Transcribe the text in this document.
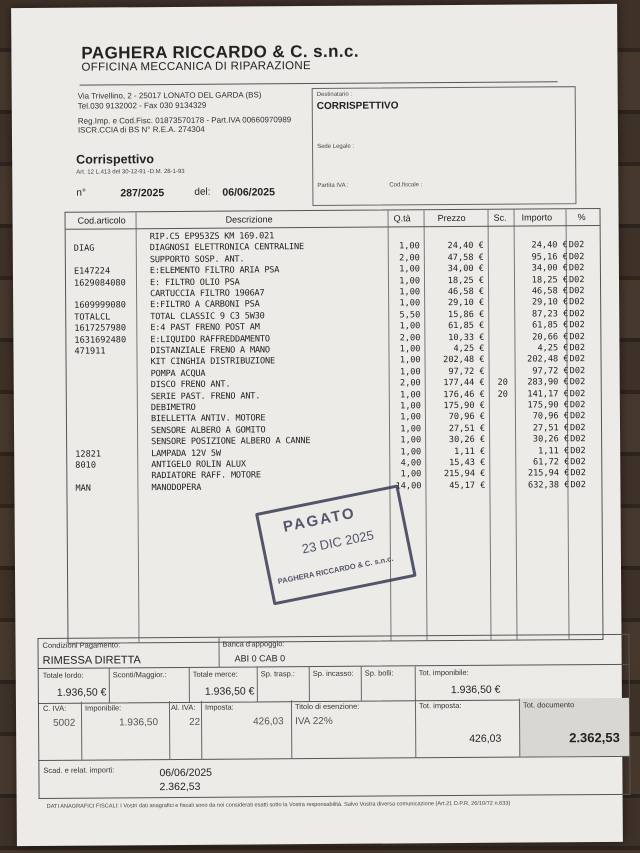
PAGHERA RICCARDO & C. s.n.c.
OFFICINA MECCANICA DI RIPARAZIONE
Via Trivellino, 2 - 25017 LONATO DEL GARDA (BS)
Tel.030 9132002 - Fax 030 9134329
Reg.Imp. e Cod.Fisc. 01873570178 - Part.IVA 00660970989
ISCR.CCIA di BS N° R.E.A. 274304
Corrispettivo
Art. 12 L.413 del 30-12-91 -D.M. 28-1-93
n°	287/2025	del: 06/06/2025
Destinatario :
CORRISPETTIVO
Sede Legale :
Partita IVA :	Cod.fiscale :
Cod.articolo	Descrizione	Q.tà	Prezzo	Sc. Importo	%
RIP.C5 EP953ZS KM 169.021
DIAG	DIAGNOSI ELETTRONICA CENTRALINE	1,00	24,40 €	24,40 € D02
SUPPORTO SOSP. ANT.	2,00	47,58 €	95,16 € D02
E147224	E:ELEMENTO FILTRO ARIA PSA	1,00	34,00 €	34,00 € D02
1629084080	E: FILTRO OLIO PSA	1,00	18,25 €	18,25 € D02
CARTUCCIA FILTRO 1906A7	1,00	46,58 €	46,58 € D02
1609999080	E:FILTRO A CARBONI PSA	1,00	29,10 €	29,10 € D02
TOTALCL	TOTAL CLASSIC 9 C3 5W30	5,50	15,86 €	87,23 € D02
1617257980	E:4 PAST FRENO POST AM	1,00	61,85 €	61,85 € D02
1631692480	E:LIQUIDO RAFFREDDAMENTO	2,00	10,33 €	20,66 € D02
471911	DISTANZIALE FRENO A MANO	1,00	4,25 €	4,25 € D02
KIT CINGHIA DISTRIBUZIONE	1,00	202,48 €	202,48 € D02
POMPA ACQUA	1,00	97,72 €	97,72 € D02
DISCO FRENO ANT.	2,00	177,44 €	20	283,90 € D02
SERIE PAST. FRENO ANT.	1,00	176,46 €	20	141,17 € D02
DEBIMETRO	1,00	175,90 €	175,90 € D02
BIELLETTA ANTIV. MOTORE	1,00	70,96 €	70,96 € D02
SENSORE ALBERO A GOMITO	1,00	27,51 €	27,51 € D02
SENSORE POSIZIONE ALBERO A CANNE	1,00	30,26 €	30,26 € D02
12821	LAMPADA 12V 5W	1,00	1,11 €	1,11 € D02
8010	ANTIGELO ROLIN ALUX	4,00	15,43 €	61,72 € D02
RADIATORE RAFF. MOTORE	1,00	215,94 €	215,94 € D02
MAN	MANODOPERA	14,00	45,17 €	632,38 € D02
PAGATO
23 DIC 2025
PAGHERA RICCARDO & C. s.n.c.
Condizioni Pagamento:
RIMESSA DIRETTA
Banca d'appoggio:
ABI 0 CAB 0
Totale lordo:
1.936,50 €
Sconti/Maggior.:	Totale merce:
1.936,50 €
Sp. trasp.: Sp. incasso: Sp. bolli:	Tot. imponibile:
1.936,50 €
C. IVA:
5002
Imponibile:
1.936,50
Al. IVA:
22
Imposta:
426,03
Titolo di esenzione:
IVA 22%
Tot. imposta:
426,03
Tot. documento
2.362,53
Scad. e relat. importi:	06/06/2025
2.362,53
DATI ANAGRAFICI FISCALI: I Vostri dati anagrafici e fiscali sono da noi considerati esatti sotto la Vostra responsabilità. Salvo Vostra diversa comunicazione (Art.21 D.P.R. 26/10/72 n.633)
